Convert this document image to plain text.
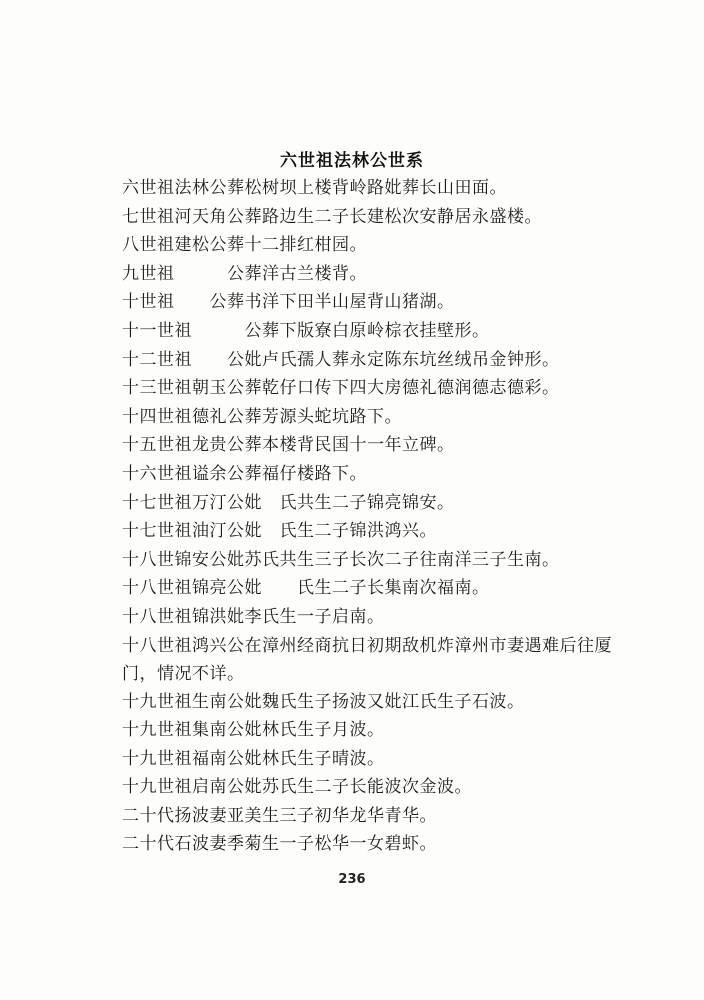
六世祖法林公世系
六世祖法林公葬松树坝上楼背岭路妣葬长山田面。
七世祖河天角公葬路边生二子长建松次安静居永盛楼。
八世祖建松公葬十二排红柑园。
九世祖　　　公葬洋古兰楼背。
十世祖　　公葬书洋下田半山屋背山猪湖。
十一世祖　　　公葬下版寮白原岭棕衣挂壁形。
十二世祖　　公妣卢氏孺人葬永定陈东坑丝绒吊金钟形。
十三世祖朝玉公葬乾仔口传下四大房德礼德润德志德彩。
十四世祖德礼公葬芳源头蛇坑路下。
十五世祖龙贵公葬本楼背民国十一年立碑。
十六世祖谥余公葬福仔楼路下。
十七世祖万汀公妣　氏共生二子锦亮锦安。
十七世祖油汀公妣　氏生二子锦洪鸿兴。
十八世锦安公妣苏氏共生三子长次二子往南洋三子生南。
十八世祖锦亮公妣　　氏生二子长集南次福南。
十八世祖锦洪妣李氏生一子启南。
十八世祖鸿兴公在漳州经商抗日初期敌机炸漳州市妻遇难后往厦门，情况不详。
十九世祖生南公妣魏氏生子扬波又妣江氏生子石波。
十九世祖集南公妣林氏生子月波。
十九世祖福南公妣林氏生子晴波。
十九世祖启南公妣苏氏生二子长能波次金波。
二十代扬波妻亚美生三子初华龙华青华。
二十代石波妻季菊生一子松华一女碧虾。
236
